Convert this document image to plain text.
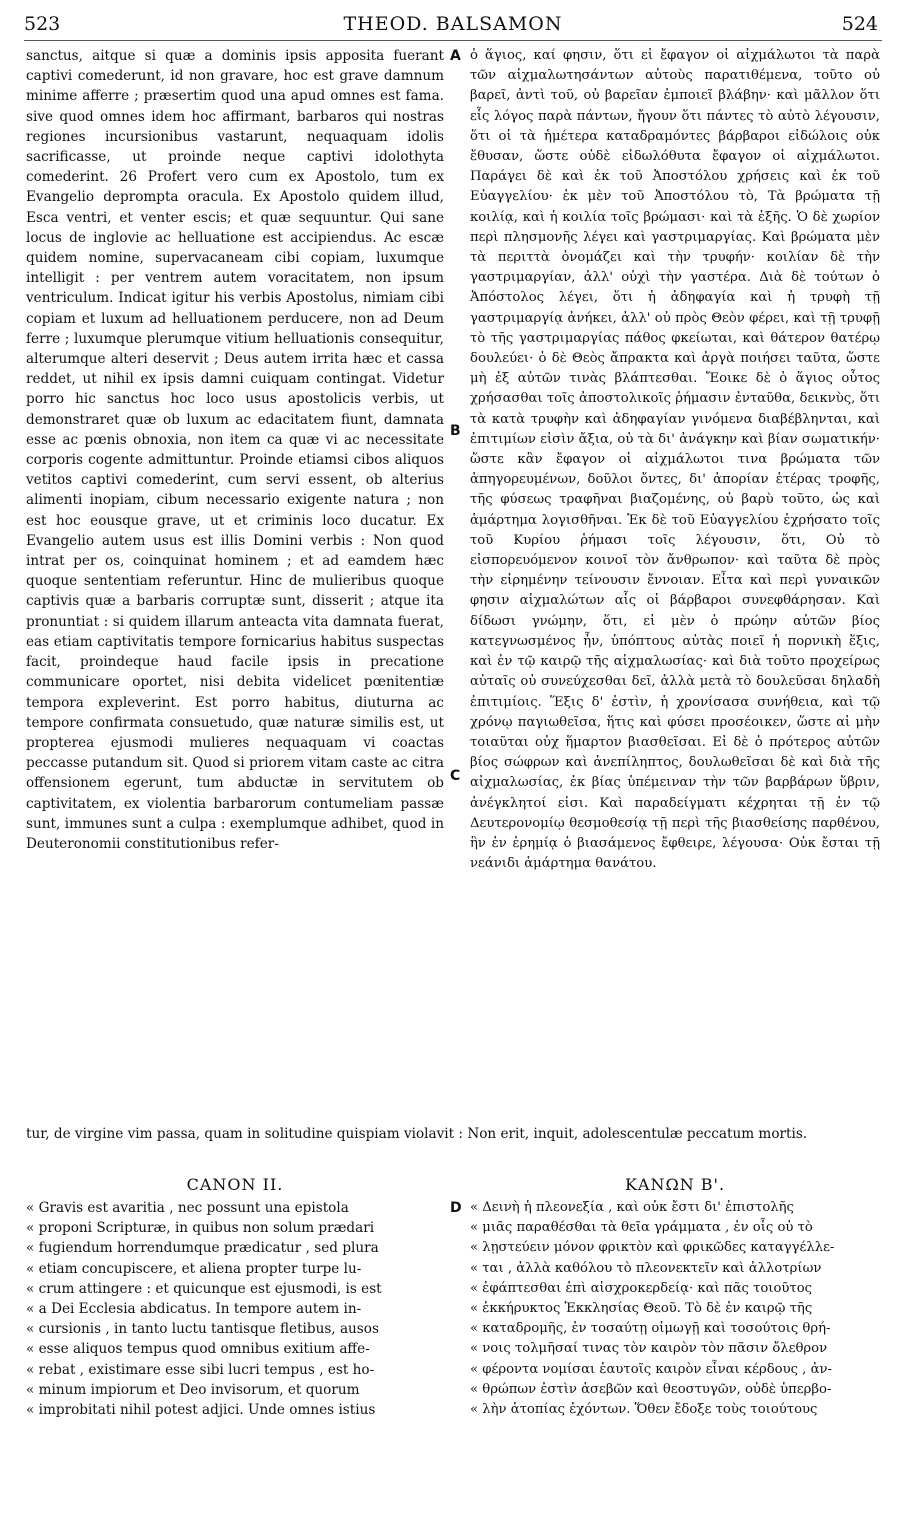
523	THEOD. BALSAMON	524

sanctus, aitque si quæ a dominis ipsis apposita fuerant captivi comederunt, id non gravare, hoc est grave damnum minime afferre ; præsertim quod una apud omnes est fama. sive quod omnes idem hoc affirmant, barbaros qui nostras regiones incursionibus vastarunt, nequaquam idolis sacrificasse, ut proinde neque captivi idolothyta comederint. 26 Profert vero cum ex Apostolo, tum ex Evangelio deprompta oracula. Ex Apostolo quidem illud, Esca ventri, et venter escis; et quæ sequuntur. Qui sane locus de inglovie ac helluatione est accipiendus. Ac escæ quidem nomine, supervacaneam cibi copiam, luxumque intelligit : per ventrem autem voracitatem, non ipsum ventriculum. Indicat igitur his verbis Apostolus, nimiam cibi copiam et luxum ad helluationem perducere, non ad Deum ferre ; luxumque plerumque vitium helluationis consequitur, alterumque alteri deservit ; Deus autem irrita hæc et cassa reddet, ut nihil ex ipsis damni cuiquam contingat. Videtur porro hic sanctus hoc loco usus apostolicis verbis, ut demonstraret quæ ob luxum ac edacitatem fiunt, damnata esse ac pœnis obnoxia, non item ca quæ vi ac necessitate corporis cogente admittuntur. Proinde etiamsi cibos aliquos vetitos captivi comederint, cum servi essent, ob alterius alimenti inopiam, cibum necessario exigente natura ; non est hoc eousque grave, ut et criminis loco ducatur. Ex Evangelio autem usus est illis Domini verbis : Non quod intrat per os, coinquinat hominem ; et ad eamdem hæc quoque sententiam referuntur. Hinc de mulieribus quoque captivis quæ a barbaris corruptæ sunt, disserit ; atque ita pronuntiat : si quidem illarum anteacta vita damnata fuerat, eas etiam captivitatis tempore fornicarius habitus suspectas facit, proindeque haud facile ipsis in precatione communicare oportet, nisi debita videlicet pœnitentiæ tempora expleverint. Est porro habitus, diuturna ac tempore confirmata consuetudo, quæ naturæ similis est, ut propterea ejusmodi mulieres nequaquam vi coactas peccasse putandum sit. Quod si priorem vitam caste ac citra offensionem egerunt, tum abductæ in servitutem ob captivitatem, ex violentia barbarorum contumeliam passæ sunt, immunes sunt a culpa : exemplumque adhibet, quod in Deuteronomii constitutionibus refer-

ὁ ἅγιος, καί φησιν, ὅτι εἰ ἔφαγον οἱ αἰχμάλωτοι τὰ παρὰ τῶν αἰχμαλωτησάντων αὐτοὺς παρατιθέμενα, τοῦτο οὐ βαρεῖ, ἀντὶ τοῦ, οὐ βαρεῖαν ἐμποιεῖ βλάβην· καὶ μᾶλλον ὅτι εἷς λόγος παρὰ πάντων, ἤγουν ὅτι πάντες τὸ αὐτὸ λέγουσιν, ὅτι οἱ τὰ ἡμέτερα καταδραμόντες βάρβαροι εἰδώλοις οὐκ ἔθυσαν, ὥστε οὐδὲ εἰδωλόθυτα ἔφαγον οἱ αἰχμάλωτοι. Παράγει δὲ καὶ ἐκ τοῦ Ἀποστόλου χρήσεις καὶ ἐκ τοῦ Εὐαγγελίου· ἐκ μὲν τοῦ Ἀποστόλου τὸ, Τὰ βρώματα τῇ κοιλίᾳ, καὶ ἡ κοιλία τοῖς βρώμασι· καὶ τὰ ἑξῆς. Ὁ δὲ χωρίον περὶ πλησμονῆς λέγει καὶ γαστριμαργίας. Καὶ βρώματα μὲν τὰ περιττὰ ὀνομάζει καὶ τὴν τρυφήν· κοιλίαν δὲ τὴν γαστριμαργίαν, ἀλλ' οὐχὶ τὴν γαστέρα. Διὰ δὲ τούτων ὁ Ἀπόστολος λέγει, ὅτι ἡ ἀδηφαγία καὶ ἡ τρυφὴ τῇ γαστριμαργίᾳ ἀνήκει, ἀλλ' οὐ πρὸς Θεὸν φέρει, καὶ τῇ τρυφῇ τὸ τῆς γαστριμαργίας πάθος φκείωται, καὶ θάτερον θατέρῳ δουλεύει· ὁ δὲ Θεὸς ἄπρακτα καὶ ἀργὰ ποιήσει ταῦτα, ὥστε μὴ ἐξ αὐτῶν τινὰς βλάπτεσθαι. Ἔοικε δὲ ὁ ἅγιος οὗτος χρήσασθαι τοῖς ἀποστολικοῖς ῥήμασιν ἐνταῦθα, δεικνὺς, ὅτι τὰ κατὰ τρυφὴν καὶ ἀδηφαγίαν γινόμενα διαβέβληνται, καὶ ἐπιτιμίων εἰσὶν ἄξια, οὐ τὰ δι' ἀνάγκην καὶ βίαν σωματικήν· ὥστε κἂν ἔφαγον οἱ αἰχμάλωτοι τινα βρώματα τῶν ἀπηγορευμένων, δοῦλοι ὄντες, δι' ἀπορίαν ἑτέρας τροφῆς, τῆς φύσεως τραφῆναι βιαζομένης, οὐ βαρὺ τοῦτο, ὡς καὶ ἁμάρτημα λογισθῆναι. Ἐκ δὲ τοῦ Εὐαγγελίου ἐχρήσατο τοῖς τοῦ Κυρίου ῥήμασι τοῖς λέγουσιν, ὅτι, Οὐ τὸ εἰσπορευόμενον κοινοῖ τὸν ἄνθρωπον· καὶ ταῦτα δὲ πρὸς τὴν εἰρημένην τείνουσιν ἔννοιαν. Εἶτα καὶ περὶ γυναικῶν φησιν αἰχμαλώτων αἷς οἱ βάρβαροι συνεφθάρησαν. Καὶ δίδωσι γνώμην, ὅτι, εἰ μὲν ὁ πρώην αὐτῶν βίος κατεγνωσμένος ἦν, ὑπόπτους αὐτὰς ποιεῖ ἡ πορνικὴ ἕξις, καὶ ἐν τῷ καιρῷ τῆς αἰχμαλωσίας· καὶ διὰ τοῦτο προχείρως αὐταῖς οὐ συνεύχεσθαι δεῖ, ἀλλὰ μετὰ τὸ δουλεῦσαι δηλαδὴ ἐπιτιμίοις. Ἕξις δ' ἐστὶν, ἡ χρονίσασα συνήθεια, καὶ τῷ χρόνῳ παγιωθεῖσα, ἥτις καὶ φύσει προσέοικεν, ὥστε αἱ μὴν τοιαῦται οὐχ ἥμαρτον βιασθεῖσαι. Εἰ δὲ ὁ πρότερος αὐτῶν βίος σώφρων καὶ ἀνεπίληπτος, δουλωθεῖσαι δὲ καὶ διὰ τῆς αἰχμαλωσίας, ἐκ βίας ὑπέμειναν τὴν τῶν βαρβάρων ὕβριν, ἀνέγκλητοί εἰσι. Καὶ παραδείγματι κέχρηται τῇ ἐν τῷ Δευτερονομίῳ θεσμοθεσίᾳ τῇ περὶ τῆς βιασθείσης παρθένου, ἣν ἐν ἐρημίᾳ ὁ βιασάμενος ἔφθειρε, λέγουσα· Οὐκ ἔσται τῇ νεάνιδι ἁμάρτημα θανάτου.

A
B
C
D

tur, de virgine vim passa, quam in solitudine quispiam violavit : Non erit, inquit, adolescentulæ peccatum mortis.

CANON II.	ΚΑΝΩΝ Β'.
« Gravis est avaritia , nec possunt una epistola
« proponi Scripturæ, in quibus non solum prædari
« fugiendum horrendumque prædicatur , sed plura
« etiam concupiscere, et aliena propter turpe lu-
« crum attingere : et quicunque est ejusmodi, is est
« a Dei Ecclesia abdicatus. In tempore autem in-
« cursionis , in tanto luctu tantisque fletibus, ausos
« esse aliquos tempus quod omnibus exitium affe-
« rebat , existimare esse sibi lucri tempus , est ho-
« minum impiorum et Deo invisorum, et quorum
« improbitati nihil potest adjici. Unde omnes istius
« Δεινὴ ἡ πλεονεξία , καὶ οὐκ ἔστι δι' ἐπιστολῆς
« μιᾶς παραθέσθαι τὰ θεῖα γράμματα , ἐν οἷς οὐ τὸ
« λῃστεύειν μόνον φρικτὸν καὶ φρικῶδες καταγγέλλε-
« ται , ἀλλὰ καθόλου τὸ πλεονεκτεῖν καὶ ἀλλοτρίων
« ἐφάπτεσθαι ἐπὶ αἰσχροκερδείᾳ· καὶ πᾶς τοιοῦτος
« ἐκκήρυκτος Ἐκκλησίας Θεοῦ. Τὸ δὲ ἐν καιρῷ τῆς
« καταδρομῆς, ἐν τοσαύτῃ οἰμωγῇ καὶ τοσούτοις θρή-
« νοις τολμῆσαί τινας τὸν καιρὸν τὸν πᾶσιν ὄλεθρον
« φέροντα νομίσαι ἑαυτοῖς καιρὸν εἶναι κέρδους , ἀν-
« θρώπων ἐστὶν ἀσεβῶν καὶ θεοστυγῶν, οὐδὲ ὑπερβο-
« λὴν ἀτοπίας ἐχόντων. Ὅθεν ἔδοξε τοὺς τοιούτους
